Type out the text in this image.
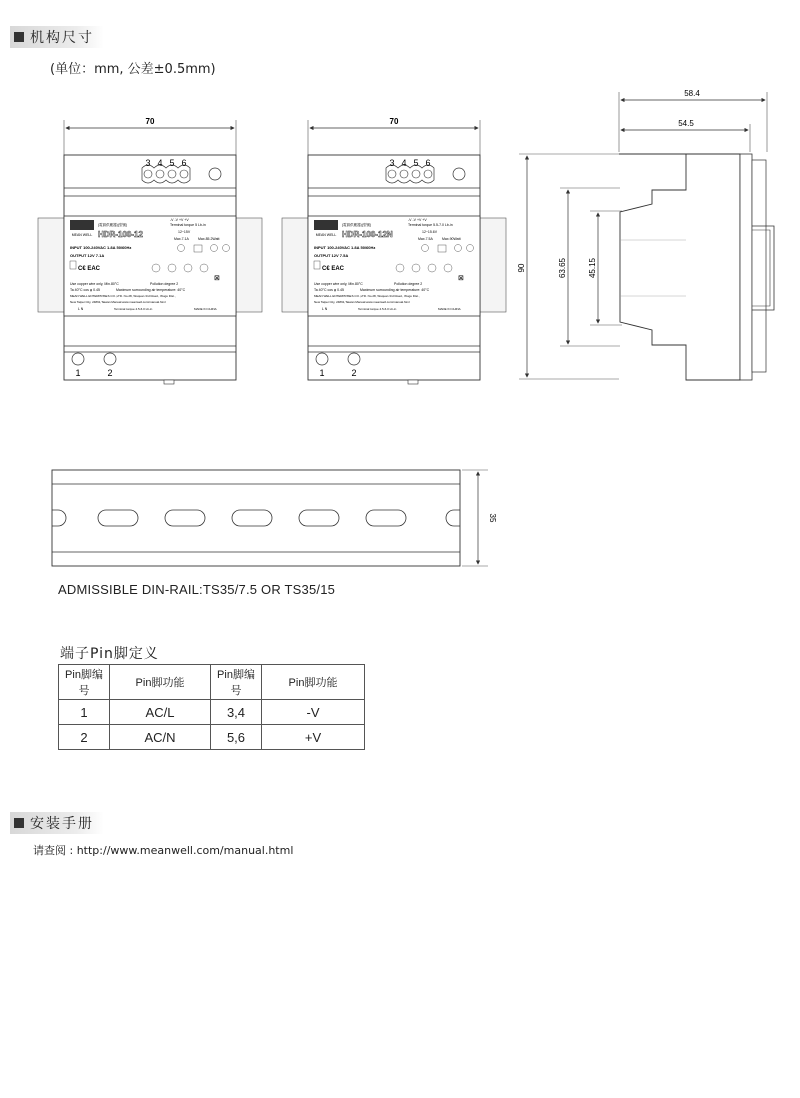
机构尺寸
(单位：mm, 公差±0.5mm)
70
3 4 5 6
1	2
MEAN WELL
(電源供應器)(型號)
HDR-100-12
Terminal torque 5 Lb-in
-V -V +V +V
12~15V
Max.7.1A	Max.85.2Watt
INPUT 100-240VAC 1.8A 50/60Hz
OUTPUT 12V 7.1A
C€ EAC
Use copper wire only, Min.80°C	Pollution degree 2
Ta 40°C cos φ 0.45	Maximum surrounding air temperature: 40°C
MEAN WELL ENTERPRISES CO.,LTD. No.28, Wuquan 3rd Road., Wugu Dist.,
New Taipei City, 24891,Taiwan Manual:www.meanwell.com/manual.html
L N	Terminal torque 4.5-6.0 Lb-in	MADE IN CHINA
⊠
70
3 4 5 6
1	2
MEAN WELL
(電源供應器)(型號)
HDR-100-12N
Terminal torque 5.5-7.0 Lb-in
-V -V +V +V
12~15.6V
Max.7.5A	Max.90Watt
INPUT 100-240VAC 1.8A 50/60Hz
OUTPUT 12V 7.5A
C€ EAC
Use copper wire only, Min.80°C	Pollution degree 2
Ta 40°C cos φ 0.45	Maximum surrounding air temperature: 40°C
MEAN WELL ENTERPRISES CO.,LTD. No.28, Wuquan 3rd Road., Wugu Dist.,
New Taipei City, 24891,Taiwan Manual:www.meanwell.com/manual.html
L N	Terminal torque 4.5-6.0 Lb-in	MADE IN CHINA
⊠
58.4
54.5
90	63.65	45.15
35
ADMISSIBLE DIN-RAIL:TS35/7.5 OR TS35/15
端子Pin脚定义
Pin脚编号	Pin脚功能	Pin脚编号	Pin脚功能
1	AC/L	3,4	-V
2	AC/N	5,6	+V
安装手册
请查阅 : http://www.meanwell.com/manual.html
